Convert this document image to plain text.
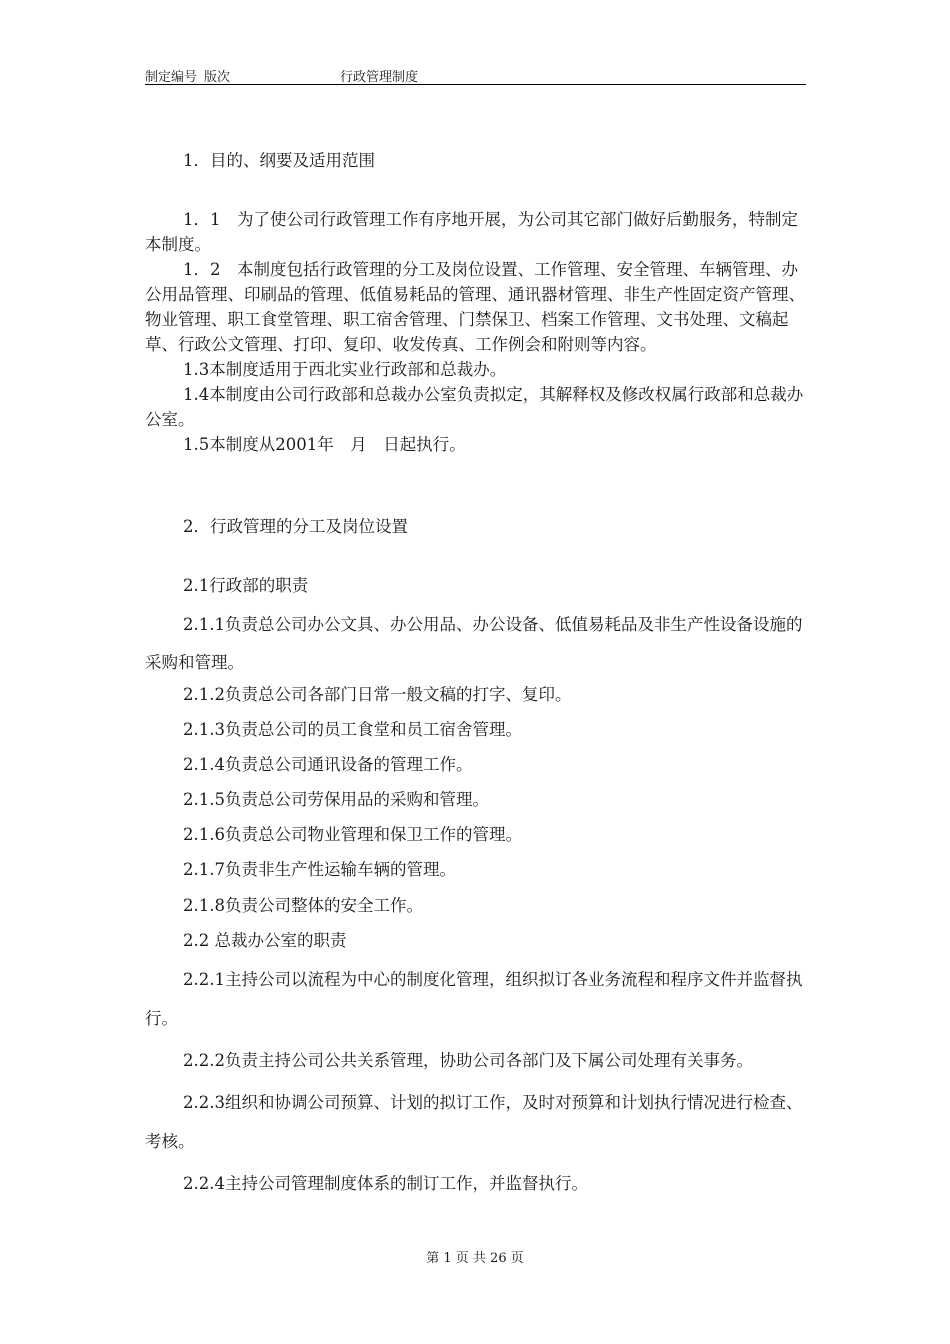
制定编号 版次	行政管理制度
1．目的、纲要及适用范围

1．1　为了使公司行政管理工作有序地开展，为公司其它部门做好后勤服务，特制定本制度。

1．2　本制度包括行政管理的分工及岗位设置、工作管理、安全管理、车辆管理、办公用品管理、印刷品的管理、低值易耗品的管理、通讯器材管理、非生产性固定资产管理、物业管理、职工食堂管理、职工宿舍管理、门禁保卫、档案工作管理、文书处理、文稿起草、行政公文管理、打印、复印、收发传真、工作例会和附则等内容。

1.3本制度适用于西北实业行政部和总裁办。

1.4本制度由公司行政部和总裁办公室负责拟定，其解释权及修改权属行政部和总裁办公室。

1.5本制度从2001年　月　日起执行。

2．行政管理的分工及岗位设置
2.1行政部的职责

2.1.1负责总公司办公文具、办公用品、办公设备、低值易耗品及非生产性设备设施的采购和管理。

2.1.2负责总公司各部门日常一般文稿的打字、复印。
2.1.3负责总公司的员工食堂和员工宿舍管理。
2.1.4负责总公司通讯设备的管理工作。
2.1.5负责总公司劳保用品的采购和管理。
2.1.6负责总公司物业管理和保卫工作的管理。
2.1.7负责非生产性运输车辆的管理。
2.1.8负责公司整体的安全工作。
2.2 总裁办公室的职责

2.2.1主持公司以流程为中心的制度化管理，组织拟订各业务流程和程序文件并监督执行。

2.2.2负责主持公司公共关系管理，协助公司各部门及下属公司处理有关事务。

2.2.3组织和协调公司预算、计划的拟订工作，及时对预算和计划执行情况进行检查、考核。

2.2.4主持公司管理制度体系的制订工作，并监督执行。

第 1 页 共 26 页
